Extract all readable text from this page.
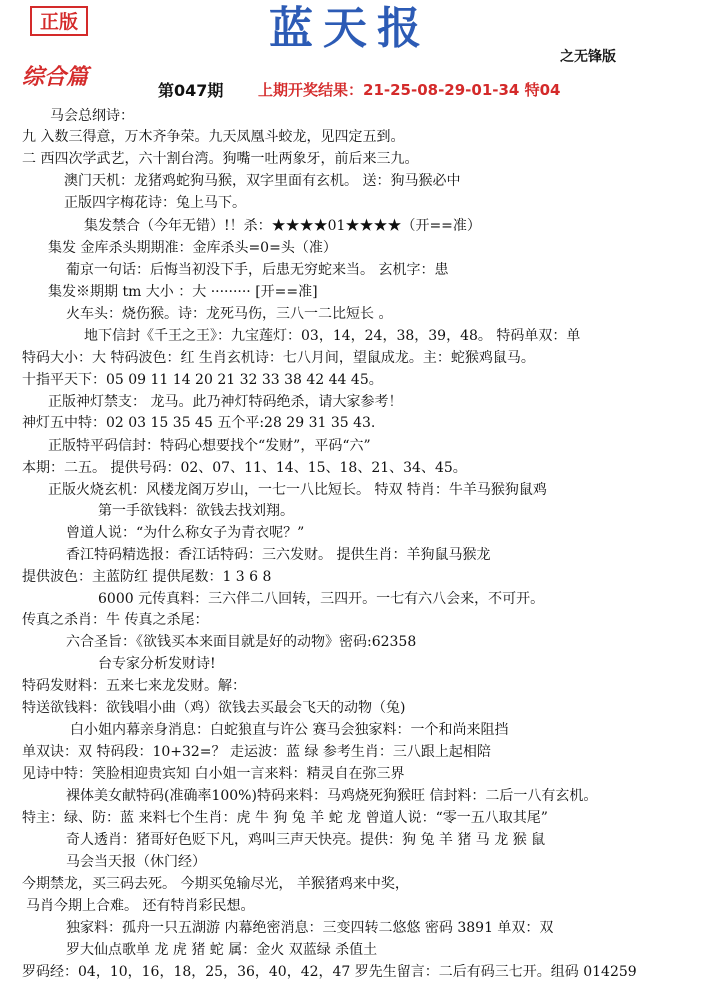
正版	蓝天报
之无锋版
综合篇
第047期 上期开奖结果：21-25-08-29-01-34 特04
马会总纲诗：
九 入数三得意，万木齐争荣。九天凤凰斗蛟龙，见四定五到。
二 西四次学武艺，六十割台湾。狗嘴一吐两象牙，前后来三九。
澳门天机：龙猪鸡蛇狗马猴，双字里面有玄机。 送：狗马猴必中
正版四字梅花诗：兔上马下。
集发禁合（今年无错）!！杀：★★★★01★★★★（开==准）
集发 金库杀头期期准：金库杀头=0=头（准）
葡京一句话：后悔当初没下手，后患无穷蛇来当。 玄机字：患
集发※期期 tm 大小 ：大 ········· [开==准]
火车头：烧伤猴。诗：龙死马伤，三八一二比短长 。
地下信封《千王之王》：九宝莲灯：03，14，24，38，39，48。 特码单双：单
特码大小：大 特码波色：红 生肖玄机诗：七八月间，望鼠成龙。主：蛇猴鸡鼠马。
十指平天下：05 09 11 14 20 21 32 33 38 42 44 45。
正版神灯禁支： 龙马。此乃神灯特码绝杀，请大家参考！
神灯五中特：02 03 15 35 45 五个平:28 29 31 35 43.
正版特平码信封：特码心想要找个“发财”，平码“六”
本期：二五。 提供号码：02、07、11、14、15、18、21、34、45。
正版火烧玄机：风楼龙阁万岁山，一七一八比短长。 特双 特肖：牛羊马猴狗鼠鸡
第一手欲钱料：欲钱去找刘翔。
曾道人说：“为什么称女子为青衣呢？”
香江特码精选报：香江话特码：三六发财。 提供生肖：羊狗鼠马猴龙
提供波色：主蓝防红 提供尾数：1 3 6 8
6000 元传真料：三六伴二八回转，三四开。一七有六八会来，不可开。
传真之杀肖：牛 传真之杀尾：
六合圣旨：《欲钱买本来面目就是好的动物》密码:62358
台专家分析发财诗!
特码发财料：五来七来龙发财。解：
特送欲钱料：欲钱唱小曲（鸡）欲钱去买最会飞天的动物（兔)
白小姐内幕亲身消息：白蛇狼直与许公 赛马会独家料：一个和尚来阻挡
单双诀：双 特码段：10+32=？ 走运波：蓝 绿 参考生肖：三八跟上起相陪
见诗中特：笑脸相迎贵宾知 白小姐一言来料：精灵自在弥三界
裸体美女献特码(准确率100%)特码来料：马鸡烧死狗猴旺 信封料：二后一八有玄机。
特主：绿、防：蓝 来料七个生肖：虎 牛 狗 兔 羊 蛇 龙 曾道人说：“零一五八取其尾”
奇人透肖：猪哥好色贬下凡，鸡叫三声天快亮。提供：狗 兔 羊 猪 马 龙 猴 鼠
马会当天报（休门经）
今期禁龙，买三码去死。 今期买兔输尽光， 羊猴猪鸡来中奖，
马肖今期上合难。 还有特肖彩民想。
独家料：孤舟一只五湖游 内幕绝密消息：三变四转二悠悠 密码 3891 单双：双
罗大仙点歌单 龙 虎 猪 蛇 属：金火 双蓝绿 杀值土
罗码经：04，10，16，18，25，36，40，42，47 罗先生留言：二后有码三七开。组码 014259
